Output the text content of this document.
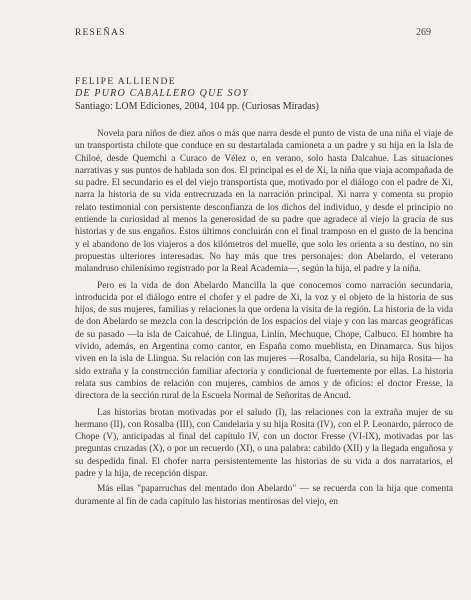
RESEÑAS	269
FELIPE ALLIENDE
DE PURO CABALLERO QUE SOY
Santiago: LOM Ediciones, 2004, 104 pp. (Curiosas Miradas)

Novela para niños de diez años o más que narra desde el punto de vista de una niña el viaje de un transportista chilote que conduce en su destartalada camioneta a un padre y su hija en la Isla de Chiloé, desde Quemchi a Curaco de Vélez o, en verano, solo hasta Dalcahue. Las situaciones narrativas y sus puntos de hablada son dos. El principal es el de Xi, la niña que viaja acompañada de su padre. El secundario es el del viejo transportista que, motivado por el diálogo con el padre de Xi, narra la historia de su vida entrecruzada en la narración principal. Xi narra y comenta su propio relato testimonial con persistente desconfianza de los dichos del individuo, y desde el principio no entiende la curiosidad al menos la generosidad de su padre que agradece al viejo la gracia de sus historias y de sus engaños. Estos últimos concluirán con el final tramposo en el gusto de la bencina y el abandono de los viajeros a dos kilómetros del muelle, que solo les orienta a su destino, no sin propuestas ulteriores interesadas. No hay más que tres personajes: don Abelardo, el veterano malandruso chilenísimo registrado por la Real Academia—, según la hija, el padre y la niña.

Pero es la vida de don Abelardo Mancilla la que conocemos como narración secundaria, introducida por el diálogo entre el chofer y el padre de Xi, la voz y el objeto de la historia de sus hijos, de sus mujeres, familias y relaciones la que ordena la visita de la región. La historia de la vida de don Abelardo se mezcla con la descripción de los espacios del viaje y con las marcas geográficas de su pasado —la isla de Caicahué, de Llingua, Linlín, Mechuque, Chope, Calbuco. El hombre ha vivido, además, en Argentina como cantor, en España como mueblista, en Dinamarca. Sus hijos viven en la isla de Llingua. Su relación con las mujeres —Rosalba, Candelaria, su hija Rosita— ha sido extraña y la construcción familiar afectoria y condicional de fuertemente por ellas. La historia relata sus cambios de relación con mujeres, cambios de amos y de oficios: el doctor Fresse, la directora de la sección rural de la Escuela Normal de Señoritas de Ancud.

Las historias brotan motivadas por el saludo (I), las relaciones con la extraña mujer de su hermano (II), con Rosalba (III), con Candelaria y su hija Rosita (IV), con el P. Leonardo, párroco de Chope (V), anticipadas al final del capítulo IV, con un doctor Fresse (VI-IX), motivadas por las preguntas cruzadas (X), o por un recuerdo (XI), o una palabra: cabildo (XII) y la llegada engañosa y su despedida final. El chofer narra persistentemente las historias de su vida a dos narratarios, el padre y la hija, de recepción dispar.

Más ellas "paparruchas del mentado don Abelardo" — se recuerda con la hija que comenta duramente al fin de cada capítulo las historias mentirosas del viejo, en
